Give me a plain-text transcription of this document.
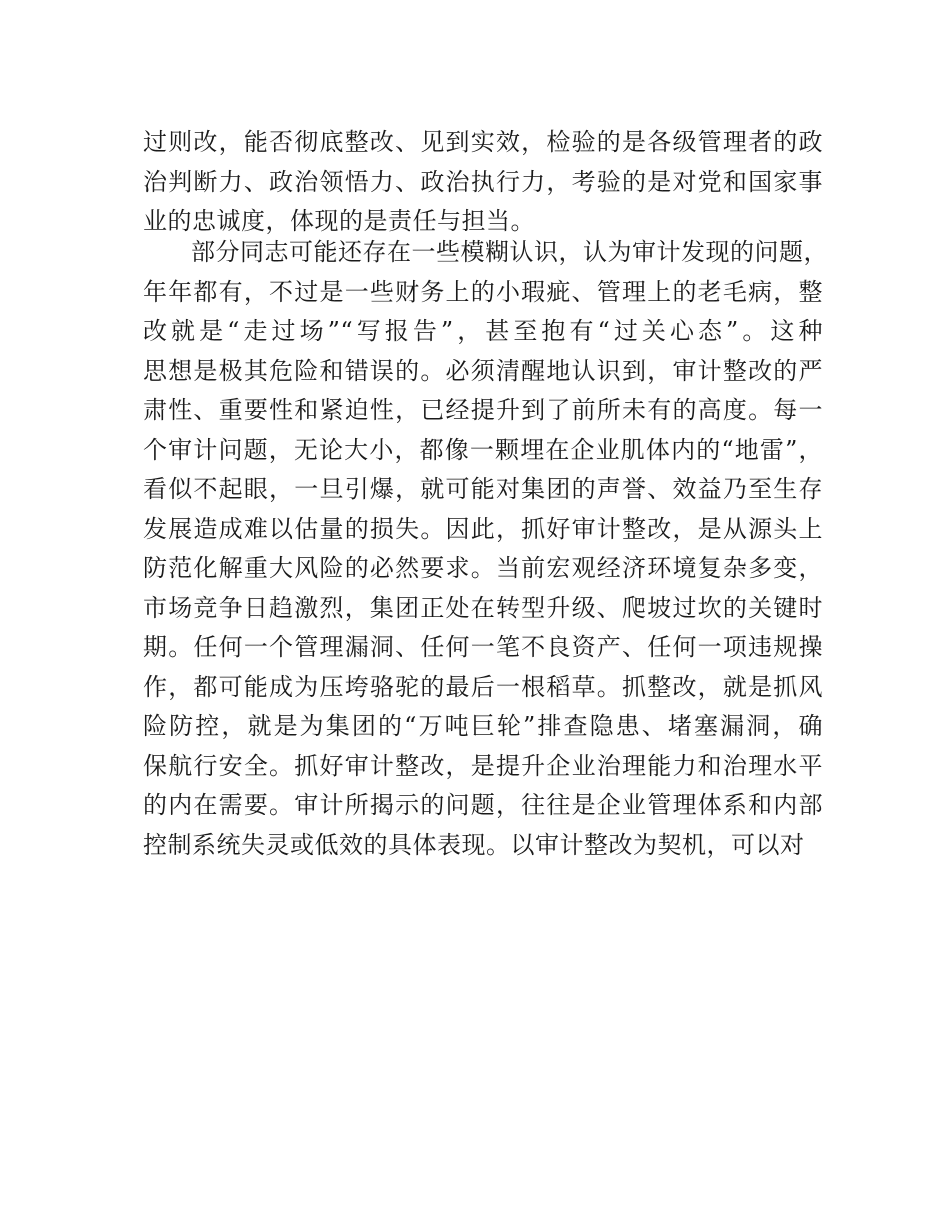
过则改，能否彻底整改、见到实效，检验的是各级管理者的政
治判断力、政治领悟力、政治执行力，考验的是对党和国家事
业的忠诚度，体现的是责任与担当。
部分同志可能还存在一些模糊认识，认为审计发现的问题，
年年都有，不过是一些财务上的小瑕疵、管理上的老毛病，整
改就是“走过场”“写报告”，甚至抱有“过关心态”。这种
思想是极其危险和错误的。必须清醒地认识到，审计整改的严
肃性、重要性和紧迫性，已经提升到了前所未有的高度。每一
个审计问题，无论大小，都像一颗埋在企业肌体内的“地雷”，
看似不起眼，一旦引爆，就可能对集团的声誉、效益乃至生存
发展造成难以估量的损失。因此，抓好审计整改，是从源头上
防范化解重大风险的必然要求。当前宏观经济环境复杂多变，
市场竞争日趋激烈，集团正处在转型升级、爬坡过坎的关键时
期。任何一个管理漏洞、任何一笔不良资产、任何一项违规操
作，都可能成为压垮骆驼的最后一根稻草。抓整改，就是抓风
险防控，就是为集团的“万吨巨轮”排查隐患、堵塞漏洞，确
保航行安全。抓好审计整改，是提升企业治理能力和治理水平
的内在需要。审计所揭示的问题，往往是企业管理体系和内部
控制系统失灵或低效的具体表现。以审计整改为契机，可以对
